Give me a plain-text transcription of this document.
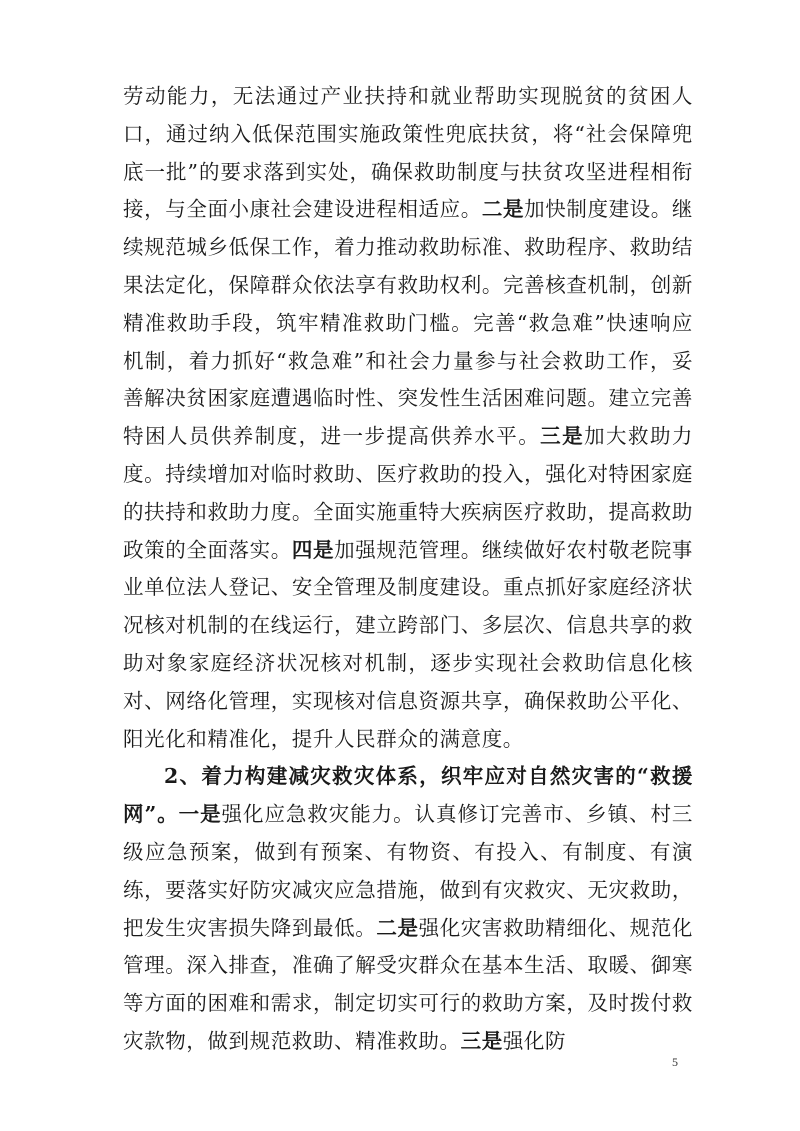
劳动能力，无法通过产业扶持和就业帮助实现脱贫的贫困人口，通过纳入低保范围实施政策性兜底扶贫，将“社会保障兜底一批”的要求落到实处，确保救助制度与扶贫攻坚进程相衔接，与全面小康社会建设进程相适应。二是加快制度建设。继续规范城乡低保工作，着力推动救助标准、救助程序、救助结果法定化，保障群众依法享有救助权利。完善核查机制，创新精准救助手段，筑牢精准救助门槛。完善“救急难”快速响应机制，着力抓好“救急难”和社会力量参与社会救助工作，妥善解决贫困家庭遭遇临时性、突发性生活困难问题。建立完善特困人员供养制度，进一步提高供养水平。三是加大救助力度。持续增加对临时救助、医疗救助的投入，强化对特困家庭的扶持和救助力度。全面实施重特大疾病医疗救助，提高救助政策的全面落实。四是加强规范管理。继续做好农村敬老院事业单位法人登记、安全管理及制度建设。重点抓好家庭经济状况核对机制的在线运行，建立跨部门、多层次、信息共享的救助对象家庭经济状况核对机制，逐步实现社会救助信息化核对、网络化管理，实现核对信息资源共享，确保救助公平化、阳光化和精准化，提升人民群众的满意度。

2、着力构建减灾救灾体系，织牢应对自然灾害的“救援网”。一是强化应急救灾能力。认真修订完善市、乡镇、村三级应急预案，做到有预案、有物资、有投入、有制度、有演练，要落实好防灾减灾应急措施，做到有灾救灾、无灾救助，把发生灾害损失降到最低。二是强化灾害救助精细化、规范化管理。深入排查，准确了解受灾群众在基本生活、取暖、御寒等方面的困难和需求，制定切实可行的救助方案，及时拨付救灾款物，做到规范救助、精准救助。三是强化防

5
